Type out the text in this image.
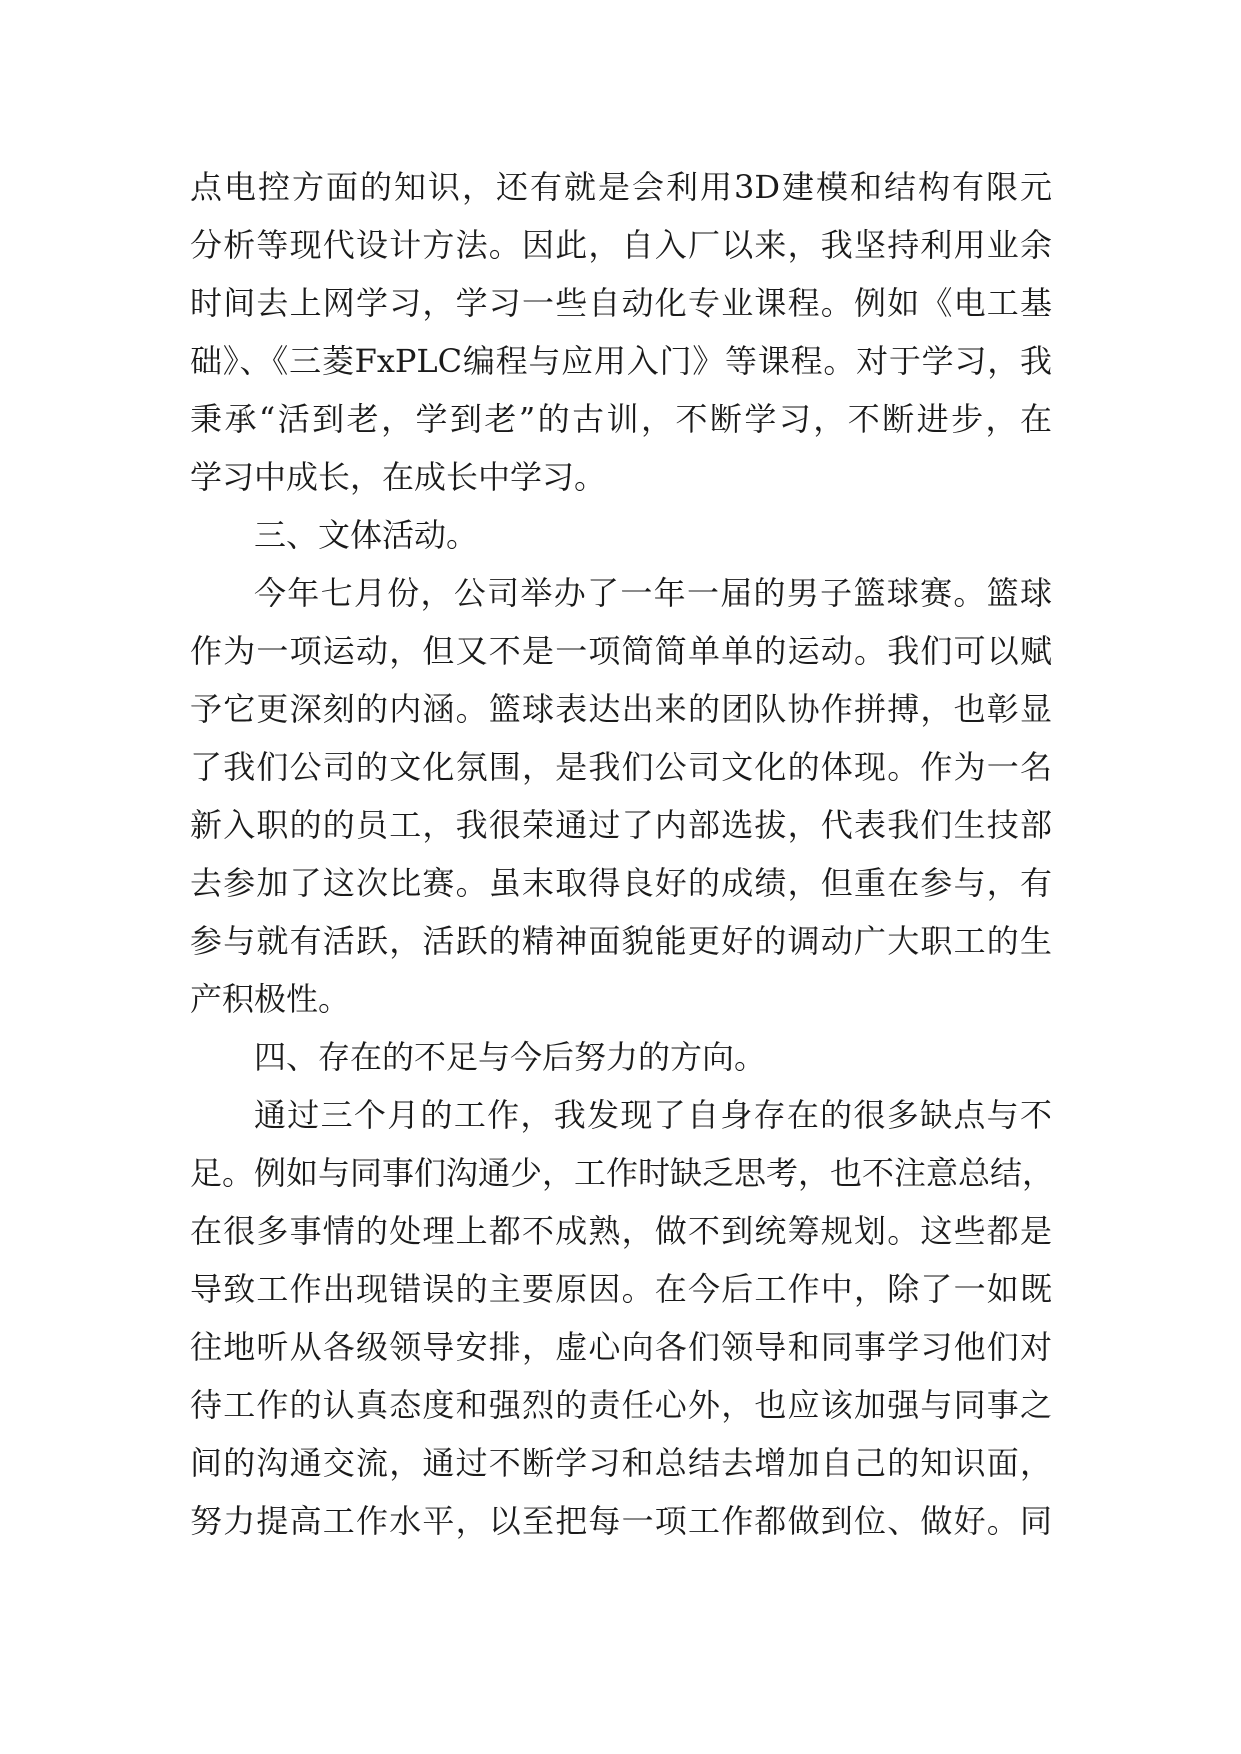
点电控方面的知识，还有就是会利用3D建模和结构有限元
分析等现代设计方法。因此，自入厂以来，我坚持利用业余
时间去上网学习，学习一些自动化专业课程。例如《电工基
础》、《三菱FxPLC编程与应用入门》等课程。对于学习，我
秉承“活到老，学到老”的古训，不断学习，不断进步，在
学习中成长，在成长中学习。
三、文体活动。
今年七月份，公司举办了一年一届的男子篮球赛。篮球
作为一项运动，但又不是一项简简单单的运动。我们可以赋
予它更深刻的内涵。篮球表达出来的团队协作拼搏，也彰显
了我们公司的文化氛围，是我们公司文化的体现。作为一名
新入职的的员工，我很荣通过了内部选拔，代表我们生技部
去参加了这次比赛。虽末取得良好的成绩，但重在参与，有
参与就有活跃，活跃的精神面貌能更好的调动广大职工的生
产积极性。
四、存在的不足与今后努力的方向。
通过三个月的工作，我发现了自身存在的很多缺点与不
足。例如与同事们沟通少，工作时缺乏思考，也不注意总结，
在很多事情的处理上都不成熟，做不到统筹规划。这些都是
导致工作出现错误的主要原因。在今后工作中，除了一如既
往地听从各级领导安排，虚心向各们领导和同事学习他们对
待工作的认真态度和强烈的责任心外，也应该加强与同事之
间的沟通交流，通过不断学习和总结去增加自己的知识面，
努力提高工作水平，以至把每一项工作都做到位、做好。同
